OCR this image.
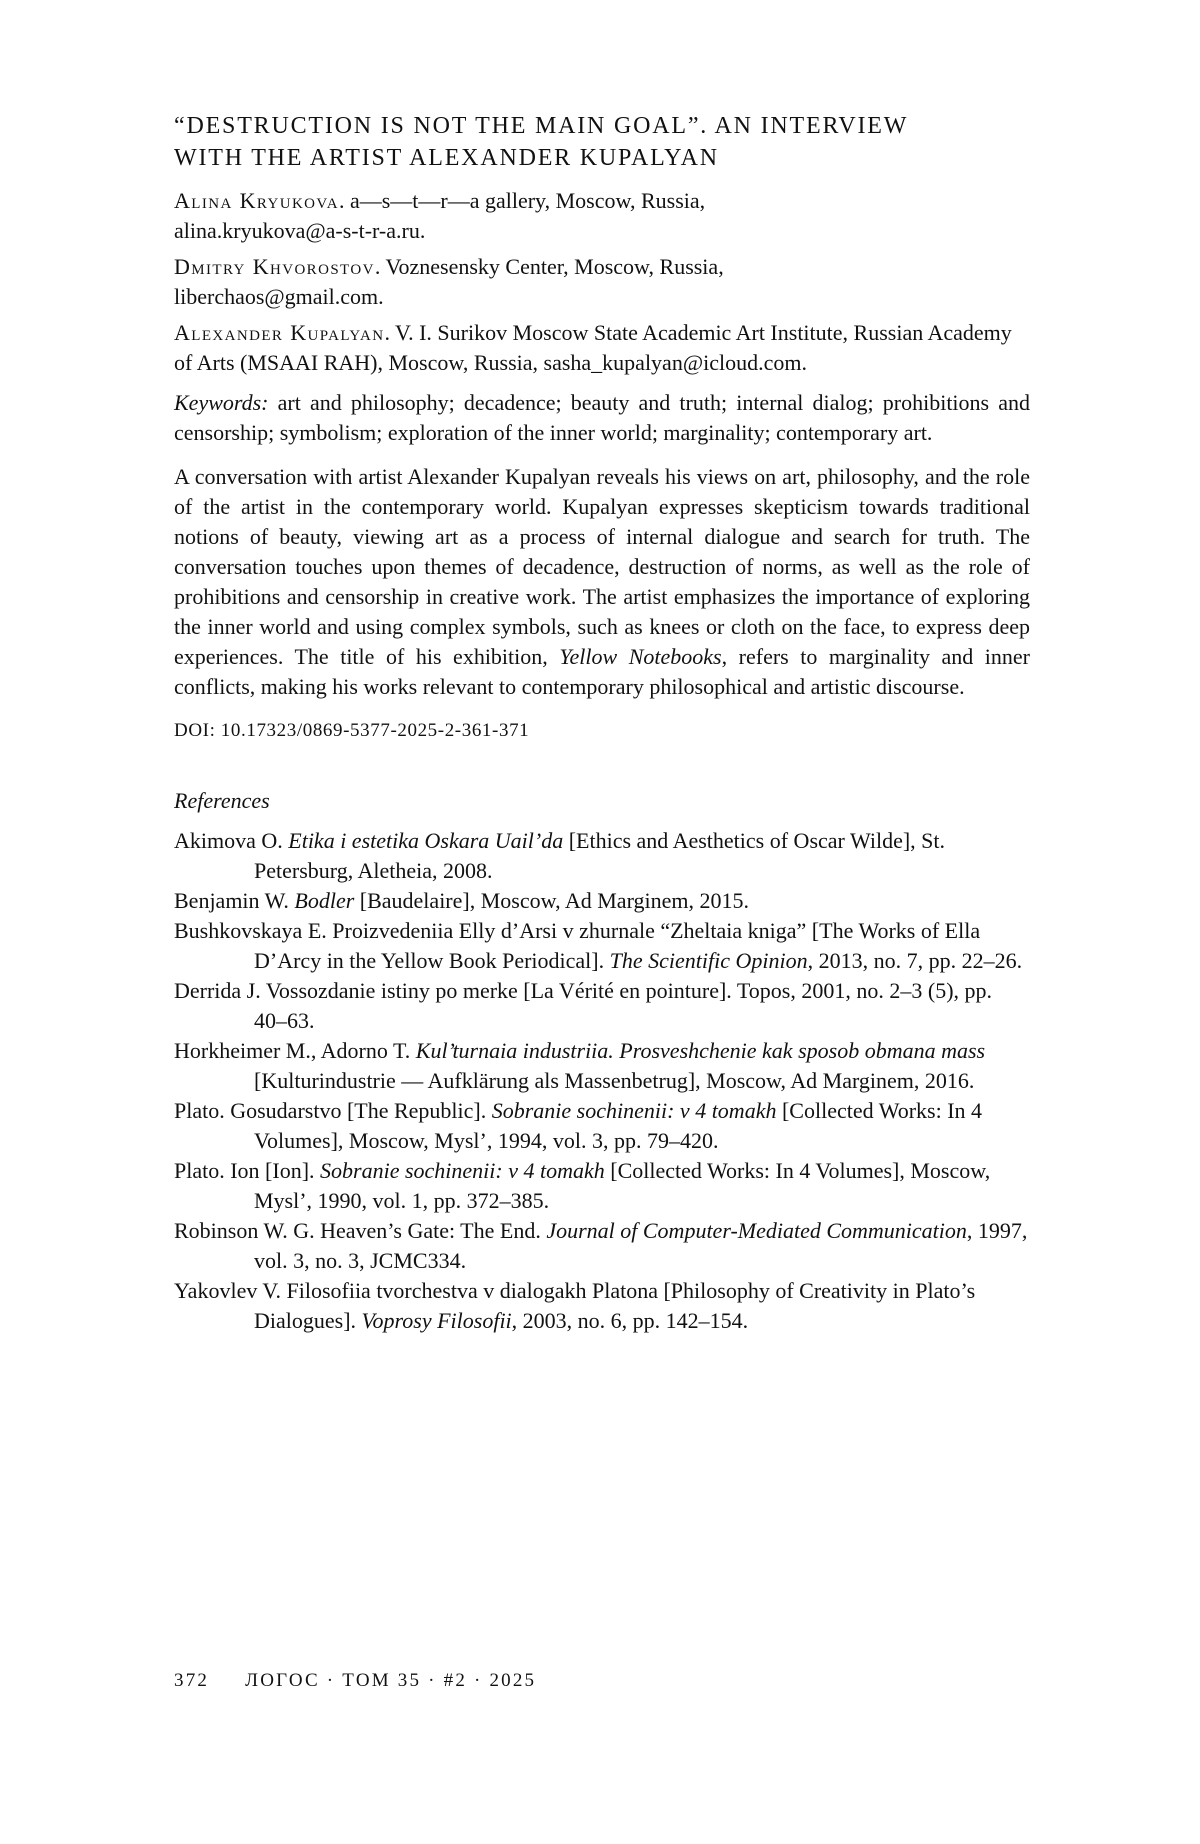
“DESTRUCTION IS NOT THE MAIN GOAL”. AN INTERVIEW
WITH THE ARTIST ALEXANDER KUPALYAN

Alina Kryukova. a—s—t—r—a gallery, Moscow, Russia,
alina.kryukova@a-s-t-r-a.ru.

Dmitry Khvorostov. Voznesensky Center, Moscow, Russia,
liberchaos@gmail.com.

Alexander Kupalyan. V. I. Surikov Moscow State Academic Art Institute, Russian Academy of Arts (MSAAI RAH), Moscow, Russia, sasha_kupalyan@icloud.com.

Keywords: art and philosophy; decadence; beauty and truth; internal dialog; prohibitions and censorship; symbolism; exploration of the inner world; marginality; contemporary art.

A conversation with artist Alexander Kupalyan reveals his views on art, philosophy, and the role of the artist in the contemporary world. Kupalyan expresses skepticism towards traditional notions of beauty, viewing art as a process of internal dialogue and search for truth. The conversation touches upon themes of decadence, destruction of norms, as well as the role of prohibitions and censorship in creative work. The artist emphasizes the importance of exploring the inner world and using complex symbols, such as knees or cloth on the face, to express deep experiences. The title of his exhibition, Yellow Notebooks, refers to marginality and inner conflicts, making his works relevant to contemporary philosophical and artistic discourse.

DOI: 10.17323/0869-5377-2025-2-361-371

References

Akimova O. Etika i estetika Oskara Uail’da [Ethics and Aesthetics of Oscar Wilde], St. Petersburg, Aletheia, 2008.

Benjamin W. Bodler [Baudelaire], Moscow, Ad Marginem, 2015.

Bushkovskaya E. Proizvedeniia Elly d’Arsi v zhurnale “Zheltaia kniga” [The Works of Ella D’Arcy in the Yellow Book Periodical]. The Scientific Opinion, 2013, no. 7, pp. 22–26.

Derrida J. Vossozdanie istiny po merke [La Vérité en pointure]. Topos, 2001, no. 2–3 (5), pp. 40–63.

Horkheimer M., Adorno T. Kul’turnaia industriia. Prosveshchenie kak sposob obmana mass [Kulturindustrie — Aufklärung als Massenbetrug], Moscow, Ad Marginem, 2016.

Plato. Gosudarstvo [The Republic]. Sobranie sochinenii: v 4 tomakh [Collected Works: In 4 Volumes], Moscow, Mysl’, 1994, vol. 3, pp. 79–420.

Plato. Ion [Ion]. Sobranie sochinenii: v 4 tomakh [Collected Works: In 4 Volumes], Moscow, Mysl’, 1990, vol. 1, pp. 372–385.

Robinson W. G. Heaven’s Gate: The End. Journal of Computer-Mediated Communication, 1997, vol. 3, no. 3, JCMC334.

Yakovlev V. Filosofiia tvorchestva v dialogakh Platona [Philosophy of Creativity in Plato’s Dialogues]. Voprosy Filosofii, 2003, no. 6, pp. 142–154.

372 ЛОГОС · ТОМ 35 · #2 · 2025
